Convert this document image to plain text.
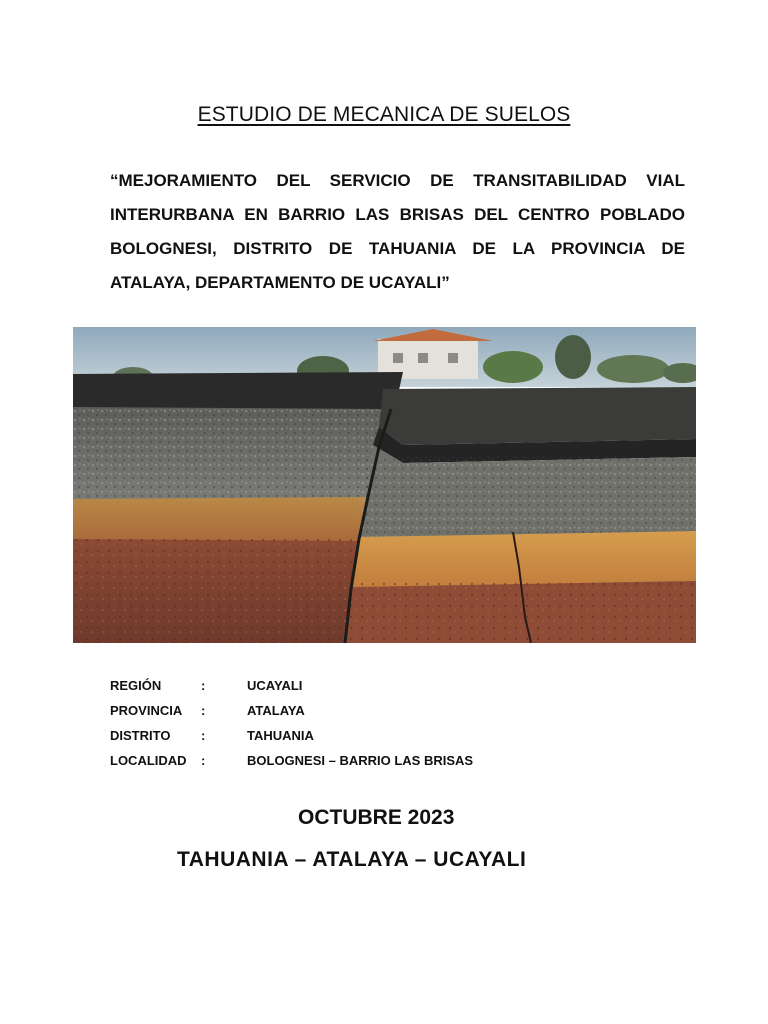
ESTUDIO DE MECANICA DE SUELOS
“MEJORAMIENTO DEL SERVICIO DE TRANSITABILIDAD VIAL INTERURBANA EN BARRIO LAS BRISAS DEL CENTRO POBLADO BOLOGNESI, DISTRITO DE TAHUANIA DE LA PROVINCIA DE ATALAYA, DEPARTAMENTO DE UCAYALI”
REGIÓN	:	UCAYALI
PROVINCIA :	ATALAYA
DISTRITO :	TAHUANIA
LOCALIDAD :	BOLOGNESI – BARRIO LAS BRISAS
OCTUBRE 2023
TAHUANIA – ATALAYA – UCAYALI
